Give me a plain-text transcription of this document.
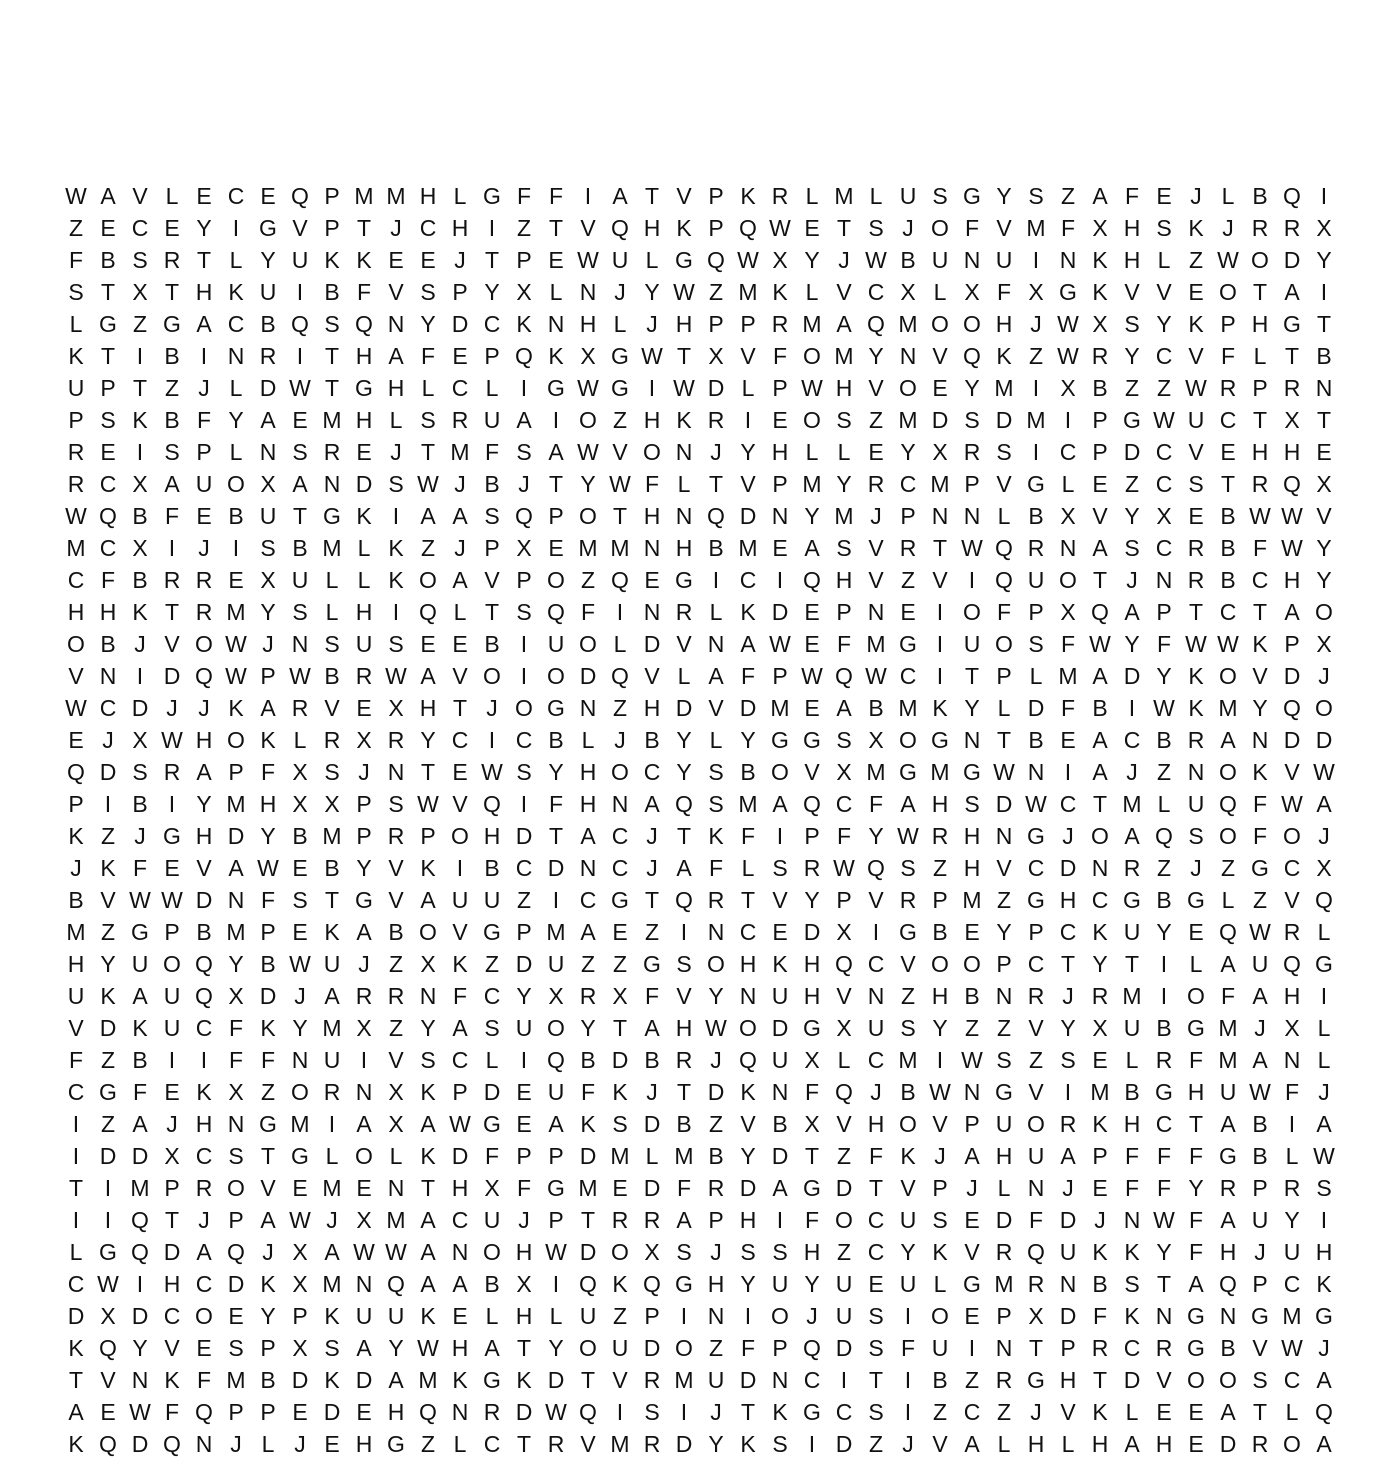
W A V L E C E Q P M M H L G F F I A T V P K R L M L U S G Y S Z A F E J L B Q I
Z E C E Y I G V P T J C H I Z T V Q H K P Q W E T S J O F V M F X H S K J R R X
F B S R T L Y U K K E E J T P E W U L G Q W X Y J W B U N U I N K H L Z W O D Y
S T X T H K U I B F V S P Y X L N J Y W Z M K L V C X L X F X G K V V E O T A I
L G Z G A C B Q S Q N Y D C K N H L J H P P R M A Q M O O H J W X S Y K P H G T
K T I B I N R I T H A F E P Q K X G W T X V F O M Y N V Q K Z W R Y C V F L T B
U P T Z J L D W T G H L C L I G W G I W D L P W H V O E Y M I X B Z Z W R P R N
P S K B F Y A E M H L S R U A I O Z H K R I E O S Z M D S D M I P G W U C T X T
R E I S P L N S R E J T M F S A W V O N J Y H L L E Y X R S I C P D C V E H H E
R C X A U O X A N D S W J B J T Y W F L T V P M Y R C M P V G L E Z C S T R Q X
W Q B F E B U T G K I A A S Q P O T H N Q D N Y M J P N N L B X V Y X E B W W V
M C X I	J	I S B M L K Z J P X E M M N H B M E A S V R T W Q R N A S C R B F W Y
C F B R R E X U L L K O A V P O Z Q E G I C I Q H V Z V I Q U O T J N R B C H Y
H H K T R M Y S L H I Q L T S Q F I N R L K D E P N E I O F P X Q A P T C T A O
O B J V O W J N S U S E E B I U O L D V N A W E F M G I U O S F W Y F W W K P X
V N I D Q W P W B R W A V O I O D Q V L A F P W Q W C I T P L M A D Y K O V D J
W C D J J K A R V E X H T J O G N Z H D V D M E A B M K Y L D F B I W K M Y Q O
E J X W H O K L R X R Y C I C B L J B Y L Y G G S X O G N T B E A C B R A N D D
Q D S R A P F X S J N T E W S Y H O C Y S B O V X M G M G W N I A J Z N O K V W
P I B I Y M H X X P S W V Q I F H N A Q S M A Q C F A H S D W C T M L U Q F W A
K Z J G H D Y B M P R P O H D T A C J T K F I P F Y W R H N G J O A Q S O F O J
J K F E V A W E B Y V K I B C D N C J A F L S R W Q S Z H V C D N R Z J Z G C X
B V W W D N F S T G V A U U Z I C G T Q R T V Y P V R P M Z G H C G B G L Z V Q
M Z G P B M P E K A B O V G P M A E Z I N C E D X I G B E Y P C K U Y E Q W R L
H Y U O Q Y B W U J Z X K Z D U Z Z G S O H K H Q C V O O P C T Y T I L A U Q G
U K A U Q X D J A R R N F C Y X R X F V Y N U H V N Z H B N R J R M I O F A H I
V D K U C F K Y M X Z Y A S U O Y T A H W O D G X U S Y Z Z V Y X U B G M J X L
F Z B I	I F F N U I V S C L I Q B D B R J Q U X L C M I W S Z S E L R F M A N L
C G F E K X Z O R N X K P D E U F K J T D K N F Q J B W N G V I M B G H U W F J
I Z A J H N G M I A X A W G E A K S D B Z V B X V H O V P U O R K H C T A B I A
I D D X C S T G L O L K D F P P D M L M B Y D T Z F K J A H U A P F F F G B L W
T I M P R O V E M E N T H X F G M E D F R D A G D T V P J L N J E F F Y R P R S
I	I Q T J P A W J X M A C U J P T R R A P H I F O C U S E D F D J N W F A U Y I
L G Q D A Q J X A W W A N O H W D O X S J S S H Z C Y K V R Q U K K Y F H J U H
C W I H C D K X M N Q A A B X I Q K Q G H Y U Y U E U L G M R N B S T A Q P C K
D X D C O E Y P K U U K E L H L U Z P I N I O J U S I O E P X D F K N G N G M G
K Q Y V E S P X S A Y W H A T Y O U D O Z F P Q D S F U I N T P R C R G B V W J
T V N K F M B D K D A M K G K D T V R M U D N C I T I B Z R G H T D V O O S C A
A E W F Q P P E D E H Q N R D W Q I S I	J T K G C S I Z C Z J V K L E E A T L Q
K Q D Q N J L J E H G Z L C T R V M R D Y K S I D Z J V A L H L H A H E D R O A
